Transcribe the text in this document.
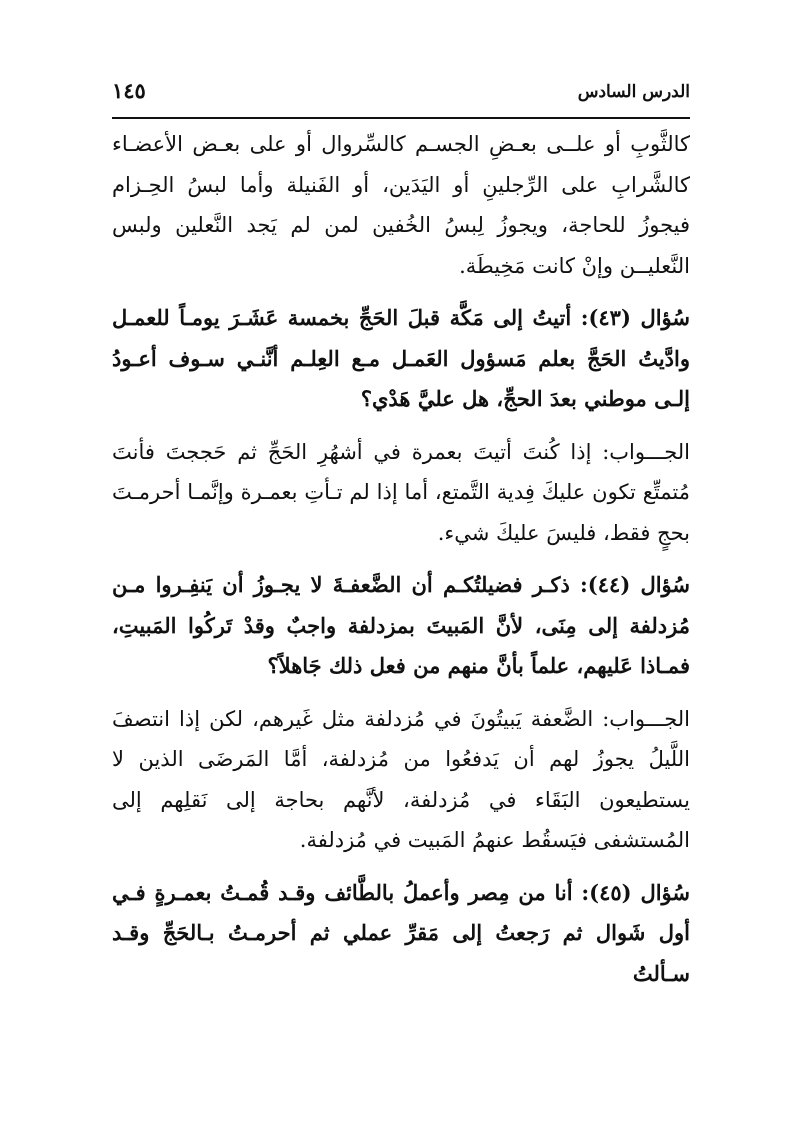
الدرس السادس
١٤٥

كالثَّوبِ أو علــى بعـضِ الجسـم كالسِّروال أو على بعـض الأعضـاء كالشَّرابِ على الرِّجلينِ أو اليَدَين، أو الفَنيلة وأما لبسُ الحِـزام فيجوزُ للحاجة، ويجوزُ لِبسُ الخُفين لمن لم يَجد النَّعلين ولبس النَّعليــن وإنْ كانت مَخِيطَة.

سُؤال (٤٣): أتيتُ إلى مَكَّة قبلَ الحَجِّ بخمسة عَشَـرَ يومـاً للعمـل وادَّيتُ الحَجَّ بعلم مَسؤول العَمـل مـع العِلـم أنَّنـي سـوف أعـودُ إلـى موطني بعدَ الحجِّ، هل عليَّ هَدْي؟

الجـــواب: إذا كُنتَ أتيتَ بعمرة في أشهُرِ الحَجِّ ثم حَججتَ فأنتَ مُتمتِّع تكون عليكَ فِدية التَّمتع، أما إذا لم تـأتِ بعمـرة وإنَّمـا أحرمـتَ بحجٍ فقط، فليسَ عليكَ شيء.

سُؤال (٤٤): ذكـر فضيلتُكـم أن الضَّعفـةَ لا يجـوزُ أن يَنفِـروا مـن مُزدلفة إلى مِنَى، لأنَّ المَبيتَ بمزدلفة واجبٌ وقدْ تَركُوا المَبيتِ، فمـاذا عَليهم، علماً بأنَّ منهم من فعل ذلك جَاهلاً؟

الجـــواب: الضَّعفة يَبيتُونَ في مُزدلفة مثل غَيرهم، لكن إذا انتصفَ اللَّيلُ يجوزُ لهم أن يَدفعُوا من مُزدلفة، أمَّا المَرضَى الذين لا يستطيعون البَقَاء في مُزدلفة، لأنَّهم بحاجة إلى نَقلِهم إلى المُستشفى فيَسقُط عنهمُ المَبيت في مُزدلفة.

سُؤال (٤٥): أنا من مِصر وأعملُ بالطَّائف وقـد قُمـتُ بعمـرةٍ فـي أول شَوال ثم رَجعتُ إلى مَقرِّ عملي ثم أحرمـتُ بـالحَجِّ وقـد سـألتُ
